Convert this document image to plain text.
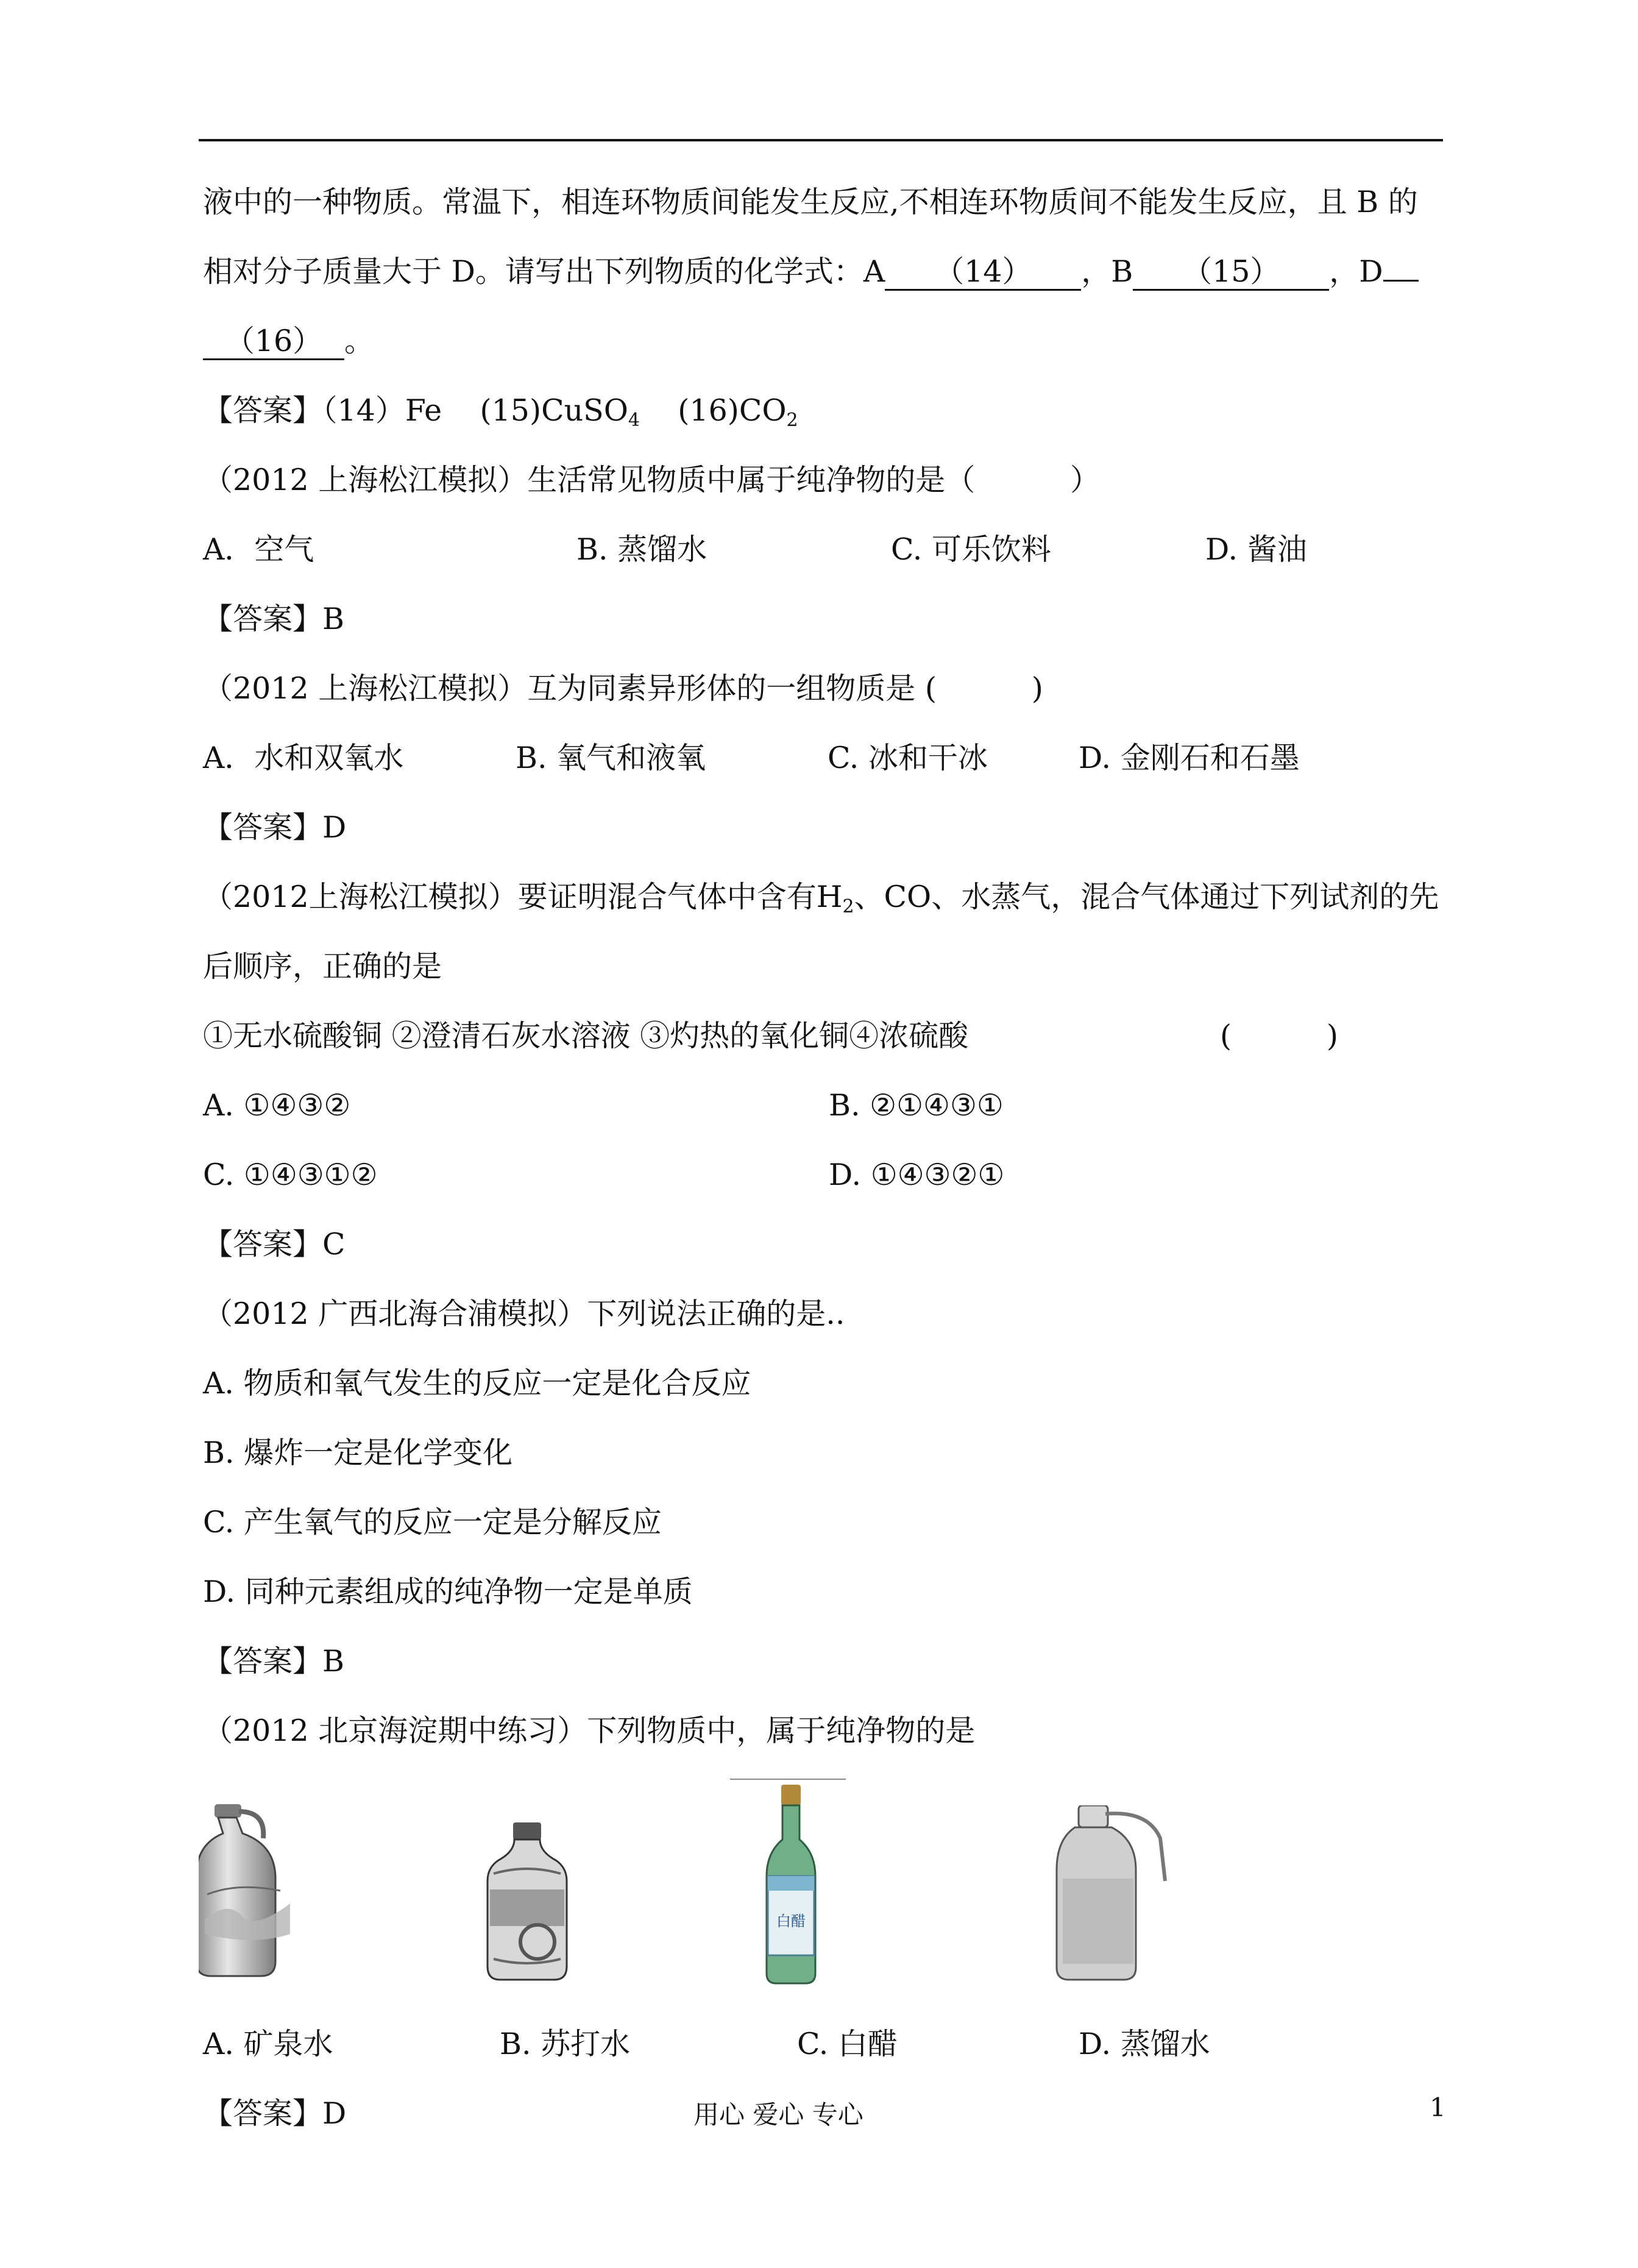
液中的一种物质。常温下，相连环物质间能发生反应,不相连环物质间不能发生反应，且 B 的
相对分子质量大于 D。请写出下列物质的化学式：A （14） ，B （15） ，D
（16） 。
【答案】（14）Fe (15)CuSO$_4$ $(16)CO_2$
（2012 上海松江模拟）生活常见物质中属于纯净物的是（          ）
A．空气	B. 蒸馏水	C. 可乐饮料	D. 酱油
【答案】B
（2012 上海松江模拟）互为同素异形体的一组物质是 (          )
A．水和双氧水	B. 氧气和液氧	C. 冰和干冰	D. 金刚石和石墨
【答案】D
（2012上海松江模拟）要证明混合气体中含有$H_2$、CO、水蒸气，混合气体通过下列试剂的先
后顺序，正确的是
①无水硫酸铜 ②澄清石灰水溶液 ③灼热的氧化铜④浓硫酸	(          )
A. ①④③②	B. ②①④③①
C. ①④③①②	D. ①④③②①
【答案】C
（2012 广西北海合浦模拟）下列说法正确的是..
A. 物质和氧气发生的反应一定是化合反应
B. 爆炸一定是化学变化
C. 产生氧气的反应一定是分解反应
D. 同种元素组成的纯净物一定是单质
【答案】B
（2012 北京海淀期中练习）下列物质中，属于纯净物的是
白醋
A. 矿泉水	B. 苏打水	C. 白醋	D. 蒸馏水
【答案】D	用心 爱心 专心	1
